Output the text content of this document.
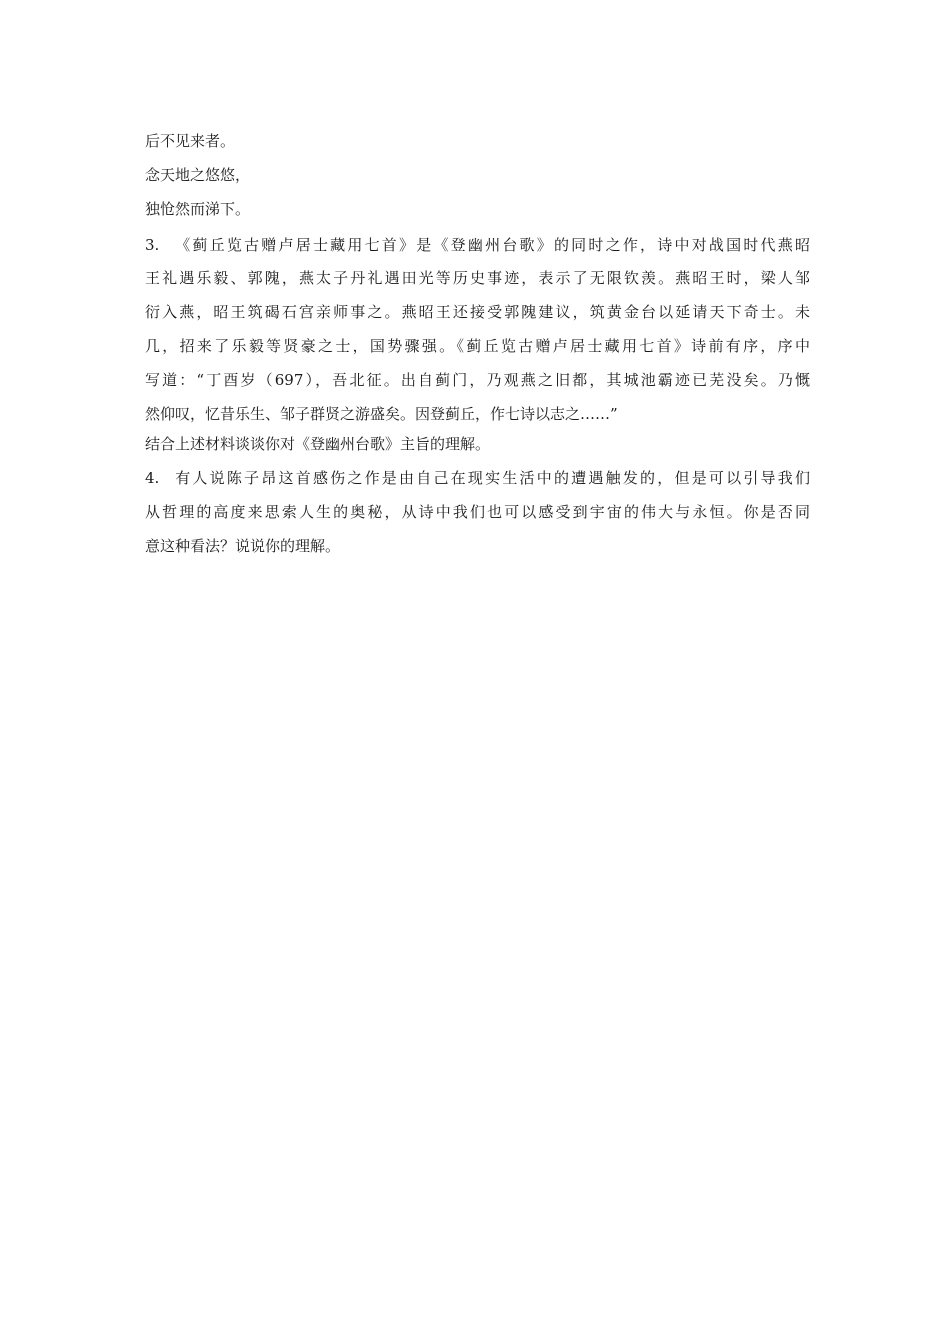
后不见来者。
念天地之悠悠，
独怆然而涕下。
3. 《蓟丘览古赠卢居士藏用七首》是《登幽州台歌》的同时之作，诗中对战国时代燕昭
王礼遇乐毅、郭隗，燕太子丹礼遇田光等历史事迹，表示了无限钦羡。燕昭王时，梁人邹
衍入燕，昭王筑碣石宫亲师事之。燕昭王还接受郭隗建议，筑黄金台以延请天下奇士。未
几，招来了乐毅等贤豪之士，国势骤强。《蓟丘览古赠卢居士藏用七首》诗前有序，序中
写道：“丁酉岁（697），吾北征。出自蓟门，乃观燕之旧都，其城池霸迹已芜没矣。乃慨
然仰叹，忆昔乐生、邹子群贤之游盛矣。因登蓟丘，作七诗以志之……”
结合上述材料谈谈你对《登幽州台歌》主旨的理解。
4. 有人说陈子昂这首感伤之作是由自己在现实生活中的遭遇触发的，但是可以引导我们
从哲理的高度来思索人生的奥秘，从诗中我们也可以感受到宇宙的伟大与永恒。你是否同
意这种看法？说说你的理解。
